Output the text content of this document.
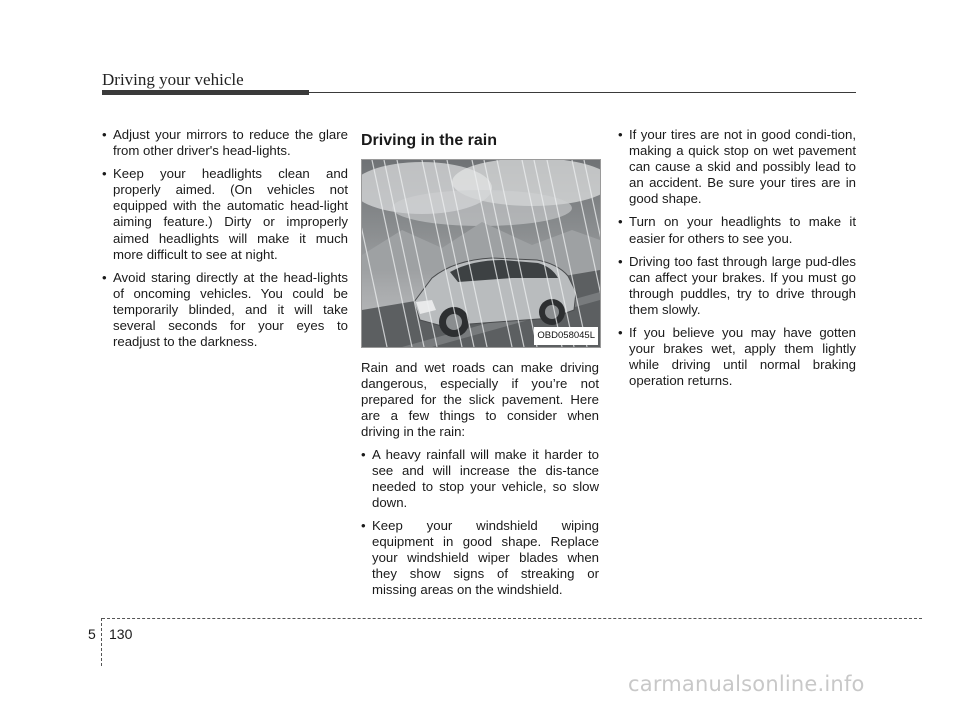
Driving your vehicle

• Adjust your mirrors to reduce the glare from other driver's head-lights.

• Keep your headlights clean and properly aimed. (On vehicles not equipped with the automatic head-light aiming feature.) Dirty or improperly aimed headlights will make it much more difficult to see at night.

• Avoid staring directly at the head-lights of oncoming vehicles. You could be temporarily blinded, and it will take several seconds for your eyes to readjust to the darkness.

Driving in the rain
OBD058045L

Rain and wet roads can make driving dangerous, especially if you’re not prepared for the slick pavement. Here are a few things to consider when driving in the rain:

• A heavy rainfall will make it harder to see and will increase the dis-tance needed to stop your vehicle, so slow down.

• Keep your windshield wiping equipment in good shape. Replace your windshield wiper blades when they show signs of streaking or missing areas on the windshield.

• If your tires are not in good condi-tion, making a quick stop on wet pavement can cause a skid and possibly lead to an accident. Be sure your tires are in good shape.

• Turn on your headlights to make it easier for others to see you.

• Driving too fast through large pud-dles can affect your brakes. If you must go through puddles, try to drive through them slowly.

• If you believe you may have gotten your brakes wet, apply them lightly while driving until normal braking operation returns.

5 130
carmanualsonline.info
